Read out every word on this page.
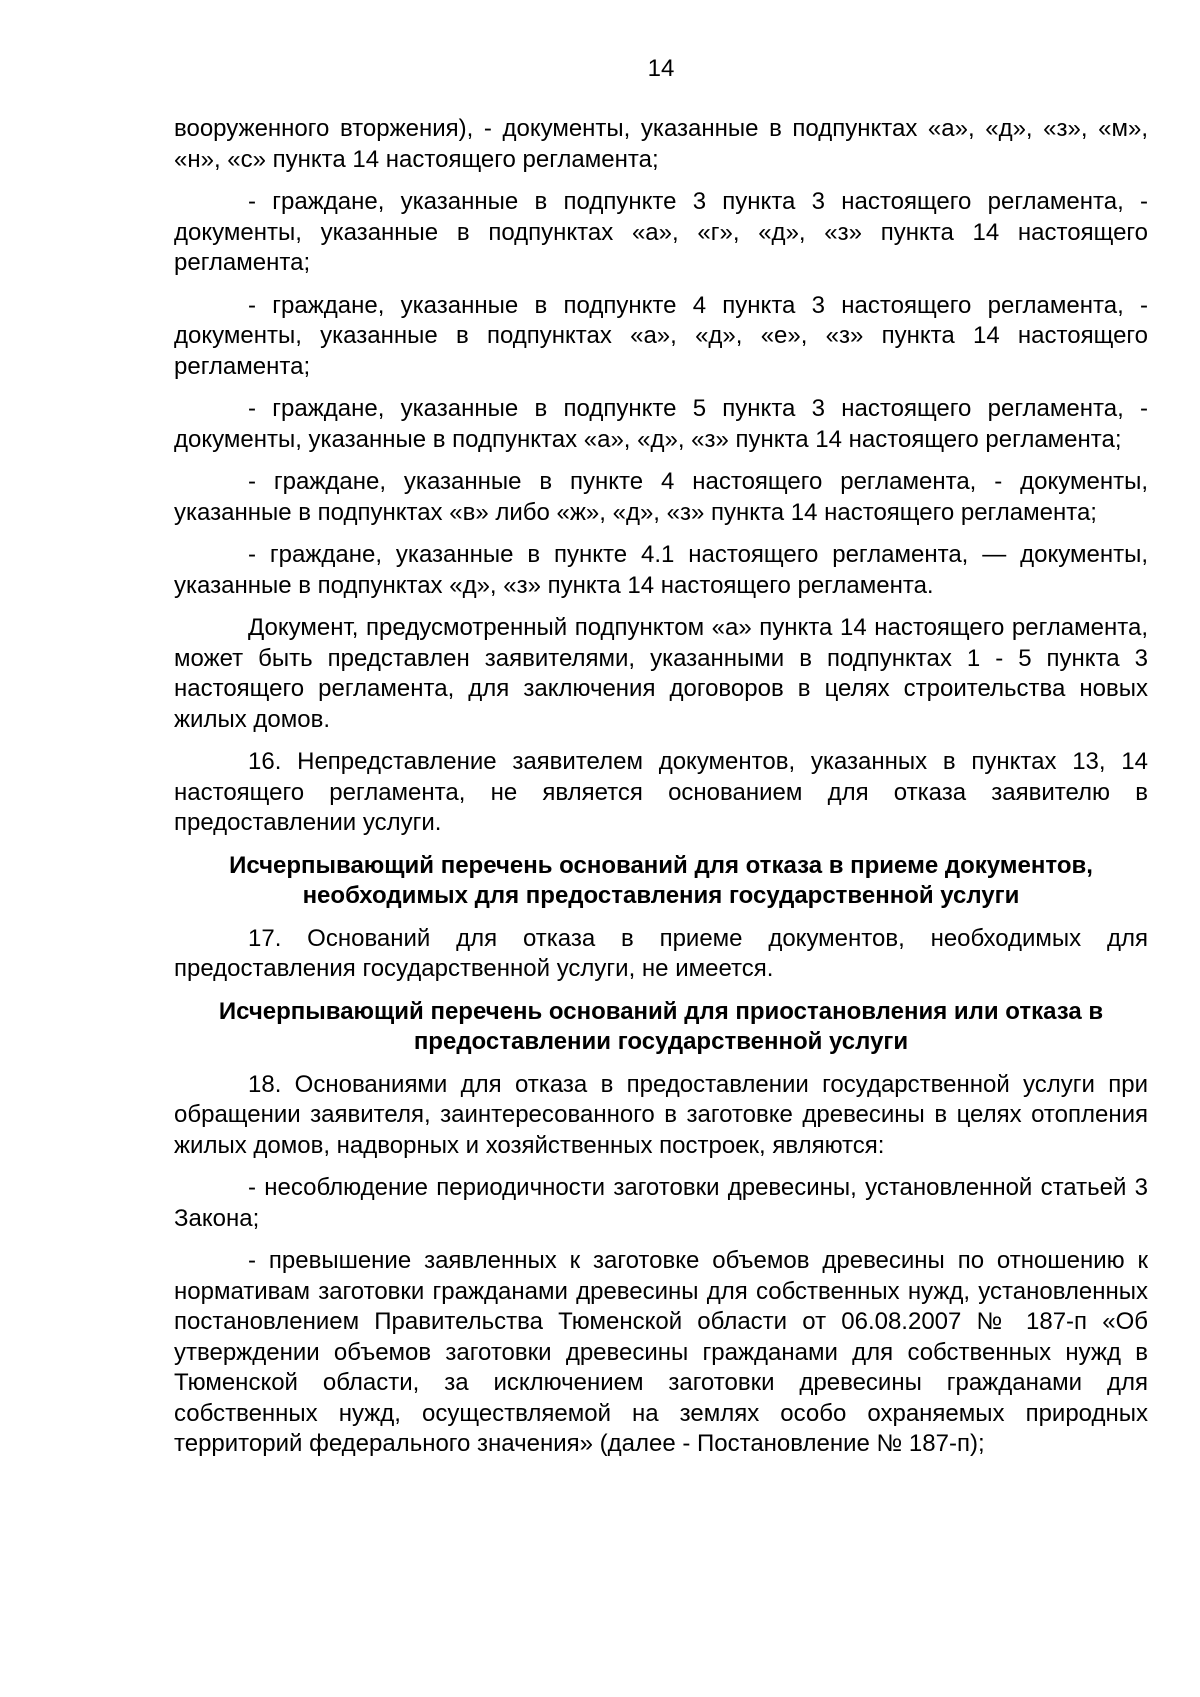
14

вооруженного вторжения), - документы, указанные в подпунктах «а», «д», «з», «м», «н», «с» пункта 14 настоящего регламента;

- граждане, указанные в подпункте 3 пункта 3 настоящего регламента, - документы, указанные в подпунктах «а», «г», «д», «з» пункта 14 настоящего регламента;

- граждане, указанные в подпункте 4 пункта 3 настоящего регламента, - документы, указанные в подпунктах «а», «д», «е», «з» пункта 14 настоящего регламента;

- граждане, указанные в подпункте 5 пункта 3 настоящего регламента, - документы, указанные в подпунктах «а», «д», «з» пункта 14 настоящего регламента;

- граждане, указанные в пункте 4 настоящего регламента, - документы, указанные в подпунктах «в» либо «ж», «д», «з» пункта 14 настоящего регламента;

- граждане, указанные в пункте 4.1 настоящего регламента, — документы, указанные в подпунктах «д», «з» пункта 14 настоящего регламента.

Документ, предусмотренный подпунктом «а» пункта 14 настоящего регламента, может быть представлен заявителями, указанными в подпунктах 1 - 5 пункта 3 настоящего регламента, для заключения договоров в целях строительства новых жилых домов.

16. Непредставление заявителем документов, указанных в пунктах 13, 14 настоящего регламента, не является основанием для отказа заявителю в предоставлении услуги.

Исчерпывающий перечень оснований для отказа в приеме документов, необходимых для предоставления государственной услуги

17. Оснований для отказа в приеме документов, необходимых для предоставления государственной услуги, не имеется.

Исчерпывающий перечень оснований для приостановления или отказа в предоставлении государственной услуги

18. Основаниями для отказа в предоставлении государственной услуги при обращении заявителя, заинтересованного в заготовке древесины в целях отопления жилых домов, надворных и хозяйственных построек, являются:

- несоблюдение периодичности заготовки древесины, установленной статьей 3 Закона;

- превышение заявленных к заготовке объемов древесины по отношению к нормативам заготовки гражданами древесины для собственных нужд, установленных постановлением Правительства Тюменской области от 06.08.2007 № 187-п «Об утверждении объемов заготовки древесины гражданами для собственных нужд в Тюменской области, за исключением заготовки древесины гражданами для собственных нужд, осуществляемой на землях особо охраняемых природных территорий федерального значения» (далее - Постановление № 187-п);
